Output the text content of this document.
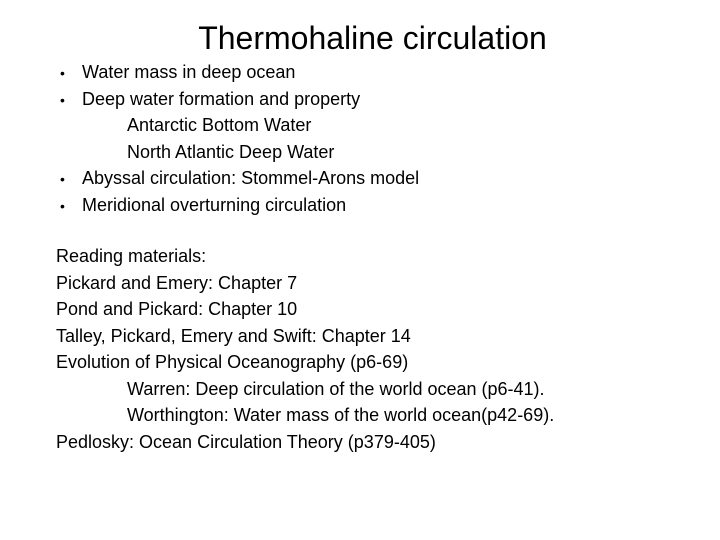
Thermohaline circulation
• Water mass in deep ocean
• Deep water formation and property
Antarctic Bottom Water
North Atlantic Deep Water
• Abyssal circulation: Stommel-Arons model
• Meridional overturning circulation
Reading materials:
Pickard and Emery: Chapter 7
Pond and Pickard: Chapter 10
Talley, Pickard, Emery and Swift: Chapter 14
Evolution of Physical Oceanography (p6-69)
Warren: Deep circulation of the world ocean (p6-41).
Worthington: Water mass of the world ocean(p42-69).
Pedlosky: Ocean Circulation Theory (p379-405)
